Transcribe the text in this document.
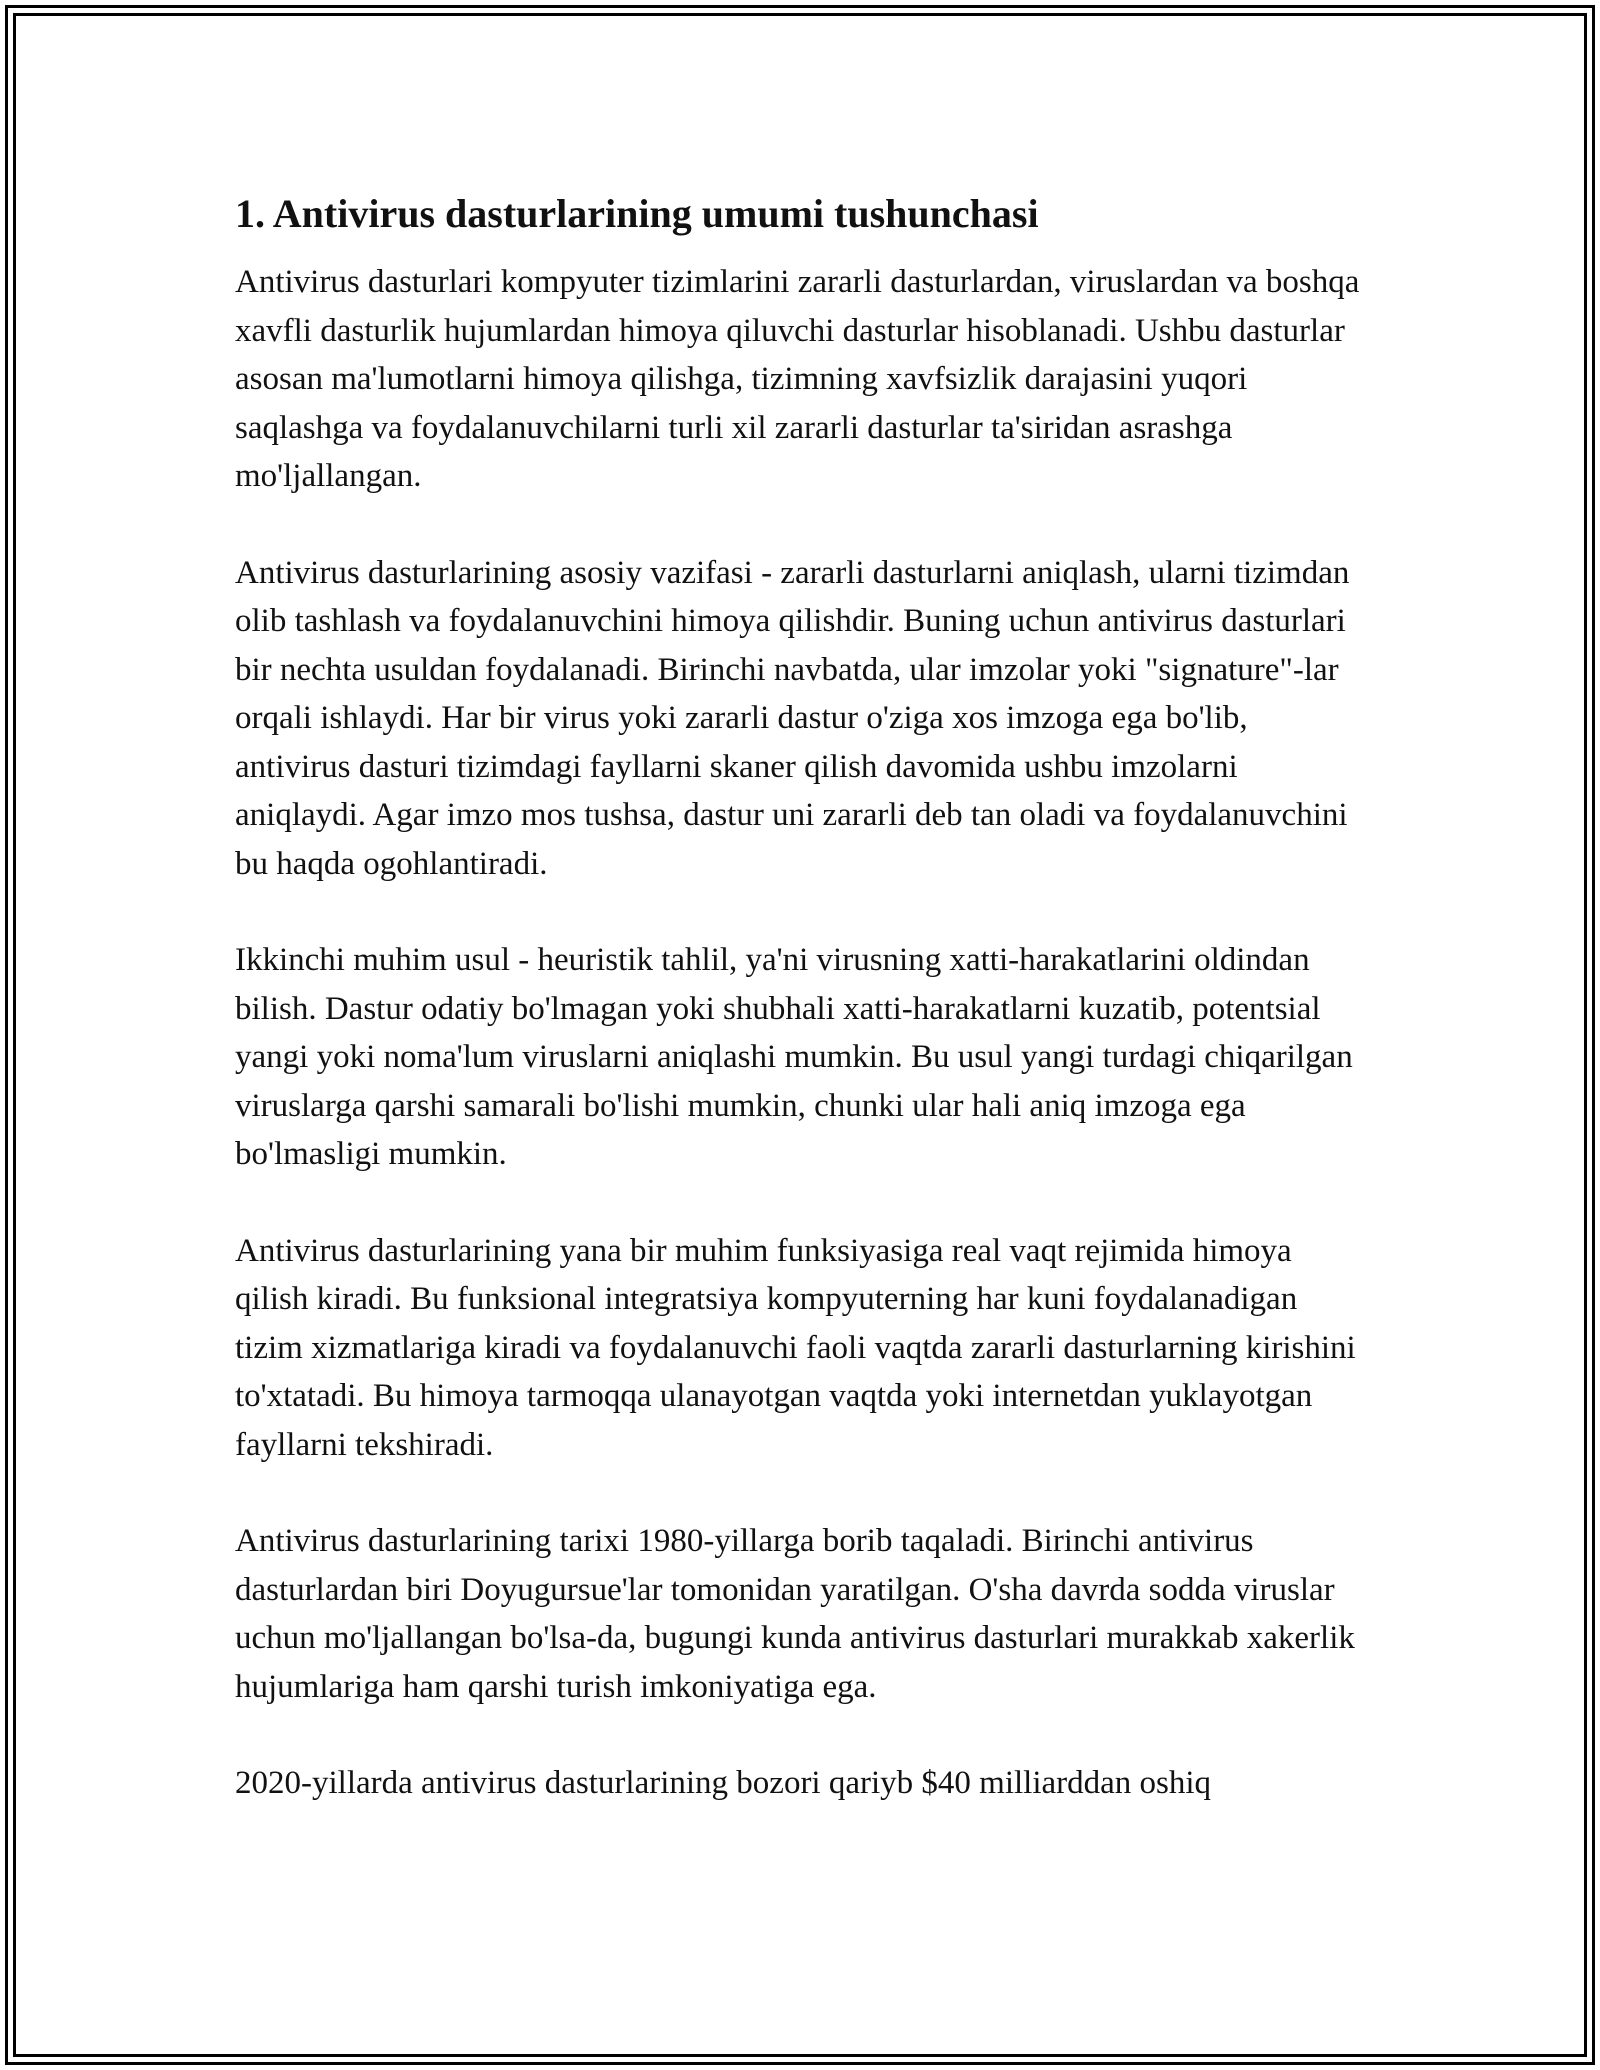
1. Antivirus dasturlarining umumi tushunchasi

Antivirus dasturlari kompyuter tizimlarini zararli dasturlardan, viruslardan va boshqa xavfli dasturlik hujumlardan himoya qiluvchi dasturlar hisoblanadi. Ushbu dasturlar asosan ma'lumotlarni himoya qilishga, tizimning xavfsizlik darajasini yuqori saqlashga va foydalanuvchilarni turli xil zararli dasturlar ta'siridan asrashga mo'ljallangan.

Antivirus dasturlarining asosiy vazifasi - zararli dasturlarni aniqlash, ularni tizimdan olib tashlash va foydalanuvchini himoya qilishdir. Buning uchun antivirus dasturlari bir nechta usuldan foydalanadi. Birinchi navbatda, ular imzolar yoki "signature"-lar orqali ishlaydi. Har bir virus yoki zararli dastur o'ziga xos imzoga ega bo'lib, antivirus dasturi tizimdagi fayllarni skaner qilish davomida ushbu imzolarni aniqlaydi. Agar imzo mos tushsa, dastur uni zararli deb tan oladi va foydalanuvchini bu haqda ogohlantiradi.

Ikkinchi muhim usul - heuristik tahlil, ya'ni virusning xatti-harakatlarini oldindan bilish. Dastur odatiy bo'lmagan yoki shubhali xatti-harakatlarni kuzatib, potentsial yangi yoki noma'lum viruslarni aniqlashi mumkin. Bu usul yangi turdagi chiqarilgan viruslarga qarshi samarali bo'lishi mumkin, chunki ular hali aniq imzoga ega bo'lmasligi mumkin.

Antivirus dasturlarining yana bir muhim funksiyasiga real vaqt rejimida himoya qilish kiradi. Bu funksional integratsiya kompyuterning har kuni foydalanadigan tizim xizmatlariga kiradi va foydalanuvchi faoli vaqtda zararli dasturlarning kirishini to'xtatadi. Bu himoya tarmoqqa ulanayotgan vaqtda yoki internetdan yuklayotgan fayllarni tekshiradi.

Antivirus dasturlarining tarixi 1980-yillarga borib taqaladi. Birinchi antivirus dasturlardan biri Doyugursue'lar tomonidan yaratilgan. O'sha davrda sodda viruslar uchun mo'ljallangan bo'lsa-da, bugungi kunda antivirus dasturlari murakkab xakerlik hujumlariga ham qarshi turish imkoniyatiga ega.

2020-yillarda antivirus dasturlarining bozori qariyb $40 milliarddan oshiq
